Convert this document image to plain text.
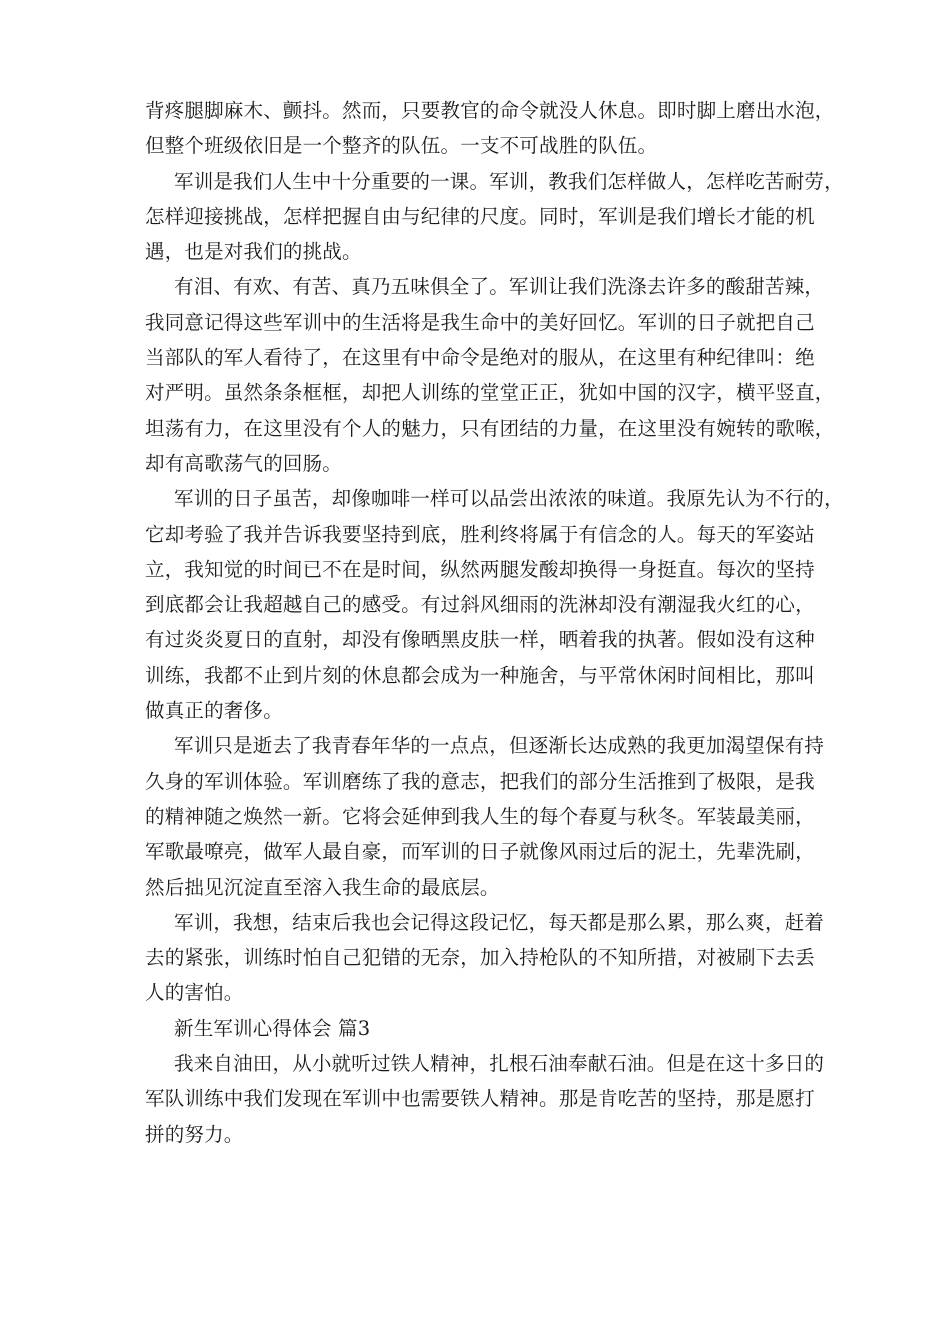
背疼腿脚麻木、颤抖。然而，只要教官的命令就没人休息。即时脚上磨出水泡，
但整个班级依旧是一个整齐的队伍。一支不可战胜的队伍。
军训是我们人生中十分重要的一课。军训，教我们怎样做人，怎样吃苦耐劳，
怎样迎接挑战，怎样把握自由与纪律的尺度。同时，军训是我们增长才能的机
遇，也是对我们的挑战。
有泪、有欢、有苦、真乃五味俱全了。军训让我们洗涤去许多的酸甜苦辣，
我同意记得这些军训中的生活将是我生命中的美好回忆。军训的日子就把自己
当部队的军人看待了，在这里有中命令是绝对的服从，在这里有种纪律叫：绝
对严明。虽然条条框框，却把人训练的堂堂正正，犹如中国的汉字，横平竖直，
坦荡有力，在这里没有个人的魅力，只有团结的力量，在这里没有婉转的歌喉，
却有高歌荡气的回肠。
军训的日子虽苦，却像咖啡一样可以品尝出浓浓的味道。我原先认为不行的，
它却考验了我并告诉我要坚持到底，胜利终将属于有信念的人。每天的军姿站
立，我知觉的时间已不在是时间，纵然两腿发酸却换得一身挺直。每次的坚持
到底都会让我超越自己的感受。有过斜风细雨的洗淋却没有潮湿我火红的心，
有过炎炎夏日的直射，却没有像晒黑皮肤一样，晒着我的执著。假如没有这种
训练，我都不止到片刻的休息都会成为一种施舍，与平常休闲时间相比，那叫
做真正的奢侈。
军训只是逝去了我青春年华的一点点，但逐渐长达成熟的我更加渴望保有持
久身的军训体验。军训磨练了我的意志，把我们的部分生活推到了极限，是我
的精神随之焕然一新。它将会延伸到我人生的每个春夏与秋冬。军装最美丽，
军歌最嘹亮，做军人最自豪，而军训的日子就像风雨过后的泥土，先辈洗刷，
然后拙见沉淀直至溶入我生命的最底层。
军训，我想，结束后我也会记得这段记忆，每天都是那么累，那么爽，赶着
去的紧张，训练时怕自己犯错的无奈，加入持枪队的不知所措，对被刷下去丢
人的害怕。
新生军训心得体会 篇3
我来自油田，从小就听过铁人精神，扎根石油奉献石油。但是在这十多日的
军队训练中我们发现在军训中也需要铁人精神。那是肯吃苦的坚持，那是愿打
拼的努力。
